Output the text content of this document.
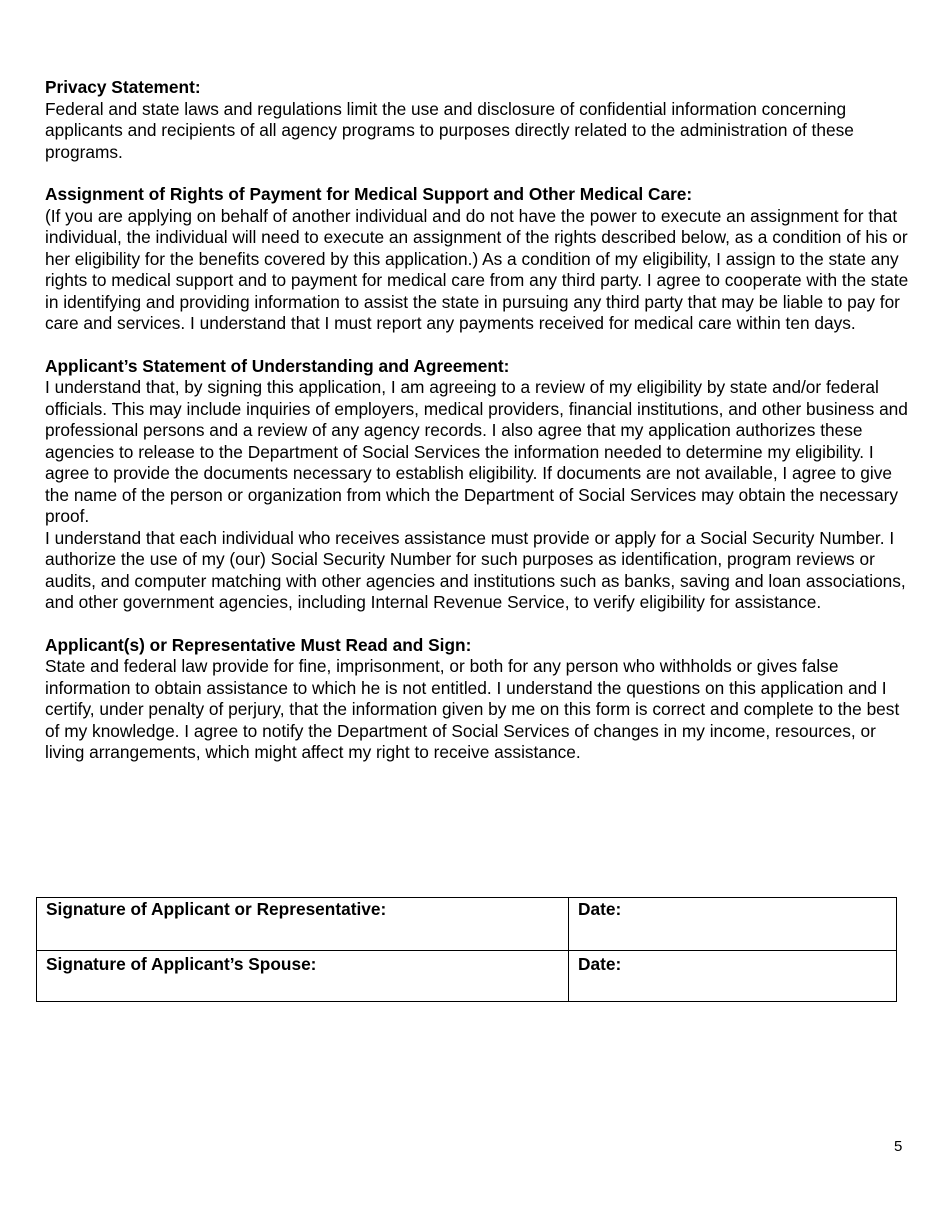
Privacy Statement:
Federal and state laws and regulations limit the use and disclosure of confidential information concerning applicants and recipients of all agency programs to purposes directly related to the administration of these programs.
Assignment of Rights of Payment for Medical Support and Other Medical Care:
(If you are applying on behalf of another individual and do not have the power to execute an assignment for that individual, the individual will need to execute an assignment of the rights described below, as a condition of his or her eligibility for the benefits covered by this application.) As a condition of my eligibility, I assign to the state any rights to medical support and to payment for medical care from any third party. I agree to cooperate with the state in identifying and providing information to assist the state in pursuing any third party that may be liable to pay for care and services. I understand that I must report any payments received for medical care within ten days.
Applicant’s Statement of Understanding and Agreement:
I understand that, by signing this application, I am agreeing to a review of my eligibility by state and/or federal officials. This may include inquiries of employers, medical providers, financial institutions, and other business and professional persons and a review of any agency records. I also agree that my application authorizes these agencies to release to the Department of Social Services the information needed to determine my eligibility. I agree to provide the documents necessary to establish eligibility. If documents are not available, I agree to give the name of the person or organization from which the Department of Social Services may obtain the necessary proof.
I understand that each individual who receives assistance must provide or apply for a Social Security Number. I authorize the use of my (our) Social Security Number for such purposes as identification, program reviews or audits, and computer matching with other agencies and institutions such as banks, saving and loan associations, and other government agencies, including Internal Revenue Service, to verify eligibility for assistance.
Applicant(s) or Representative Must Read and Sign:
State and federal law provide for fine, imprisonment, or both for any person who withholds or gives false information to obtain assistance to which he is not entitled. I understand the questions on this application and I certify, under penalty of perjury, that the information given by me on this form is correct and complete to the best of my knowledge. I agree to notify the Department of Social Services of changes in my income, resources, or living arrangements, which might affect my right to receive assistance.
Signature of Applicant or Representative:	Date:
Signature of Applicant’s Spouse:	Date:
5
